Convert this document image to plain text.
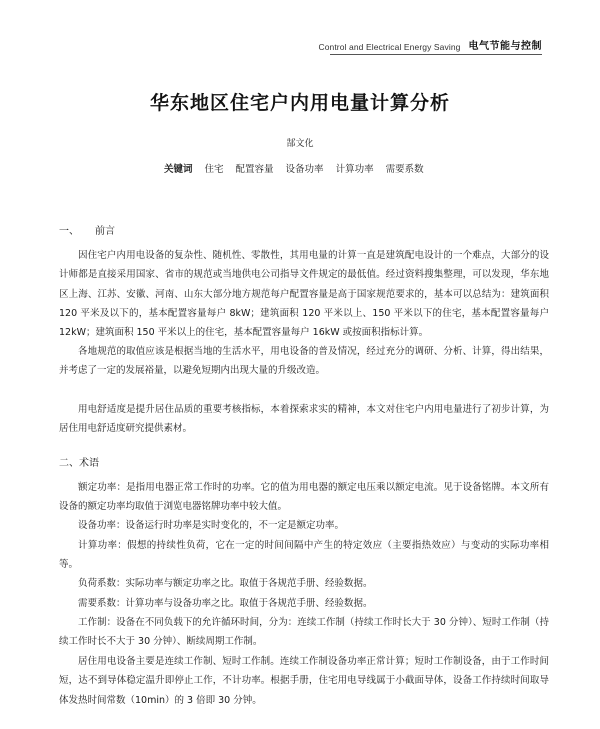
Control and Electrical Energy Saving 电气节能与控制
华东地区住宅户内用电量计算分析
郜文化
关键词 住宅 配置容量 设备功率 计算功率 需要系数
一、 前言

因住宅户内用电设备的复杂性、随机性、零散性，其用电量的计算一直是建筑配电设计的一个难点，大部分的设计师都是直接采用国家、省市的规范或当地供电公司指导文件规定的最低值。经过资料搜集整理，可以发现，华东地区上海、江苏、安徽、河南、山东大部分地方规范每户配置容量是高于国家规范要求的，基本可以总结为：建筑面积 120 平米及以下的，基本配置容量每户 8kW；建筑面积 120 平米以上、150 平米以下的住宅，基本配置容量每户 12kW；建筑面积 150 平米以上的住宅，基本配置容量每户 16kW 或按面积指标计算。

各地规范的取值应该是根据当地的生活水平，用电设备的普及情况，经过充分的调研、分析、计算，得出结果，并考虑了一定的发展裕量，以避免短期内出现大量的升级改造。

用电舒适度是提升居住品质的重要考核指标，本着探索求实的精神，本文对住宅户内用电量进行了初步计算，为居住用电舒适度研究提供素材。

二、术语

额定功率：是指用电器正常工作时的功率。它的值为用电器的额定电压乘以额定电流。见于设备铭牌。本文所有设备的额定功率均取值于浏览电器铭牌功率中较大值。

设备功率：设备运行时功率是实时变化的，不一定是额定功率。

计算功率：假想的持续性负荷，它在一定的时间间隔中产生的特定效应（主要指热效应）与变动的实际功率相等。

负荷系数：实际功率与额定功率之比。取值于各规范手册、经验数据。

需要系数：计算功率与设备功率之比。取值于各规范手册、经验数据。

工作制：设备在不同负载下的允许循环时间，分为：连续工作制（持续工作时长大于 30 分钟）、短时工作制（持续工作时长不大于 30 分钟）、断续周期工作制。

居住用电设备主要是连续工作制、短时工作制。连续工作制设备功率正常计算；短时工作制设备，由于工作时间短，达不到导体稳定温升即停止工作，不计功率。根据手册，住宅用电导线属于小截面导体，设备工作持续时间取导体发热时间常数（10min）的 3 倍即 30 分钟。
